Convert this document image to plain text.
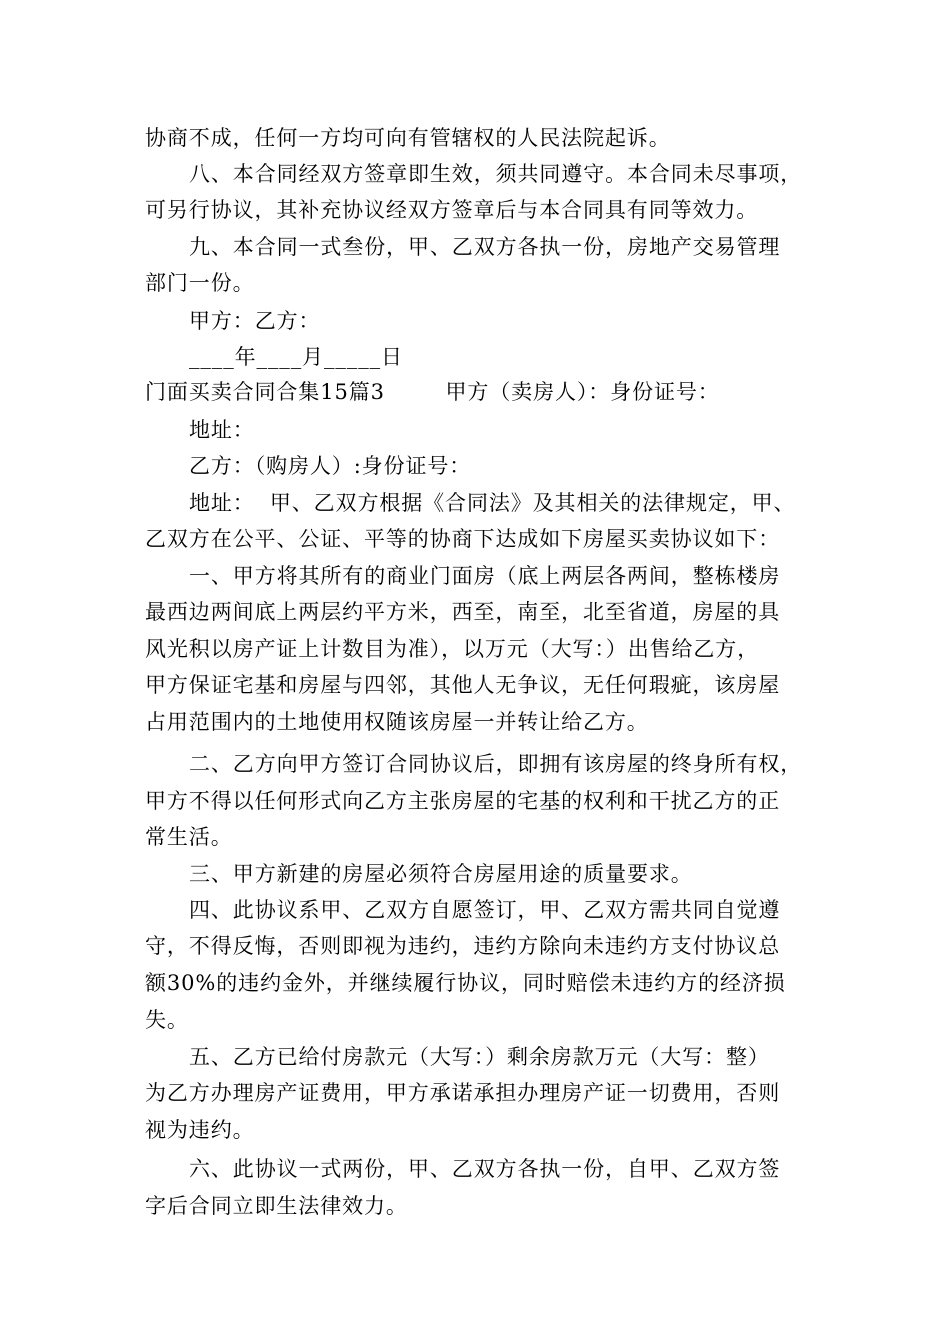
协商不成，任何一方均可向有管辖权的人民法院起诉。
八、本合同经双方签章即生效，须共同遵守。本合同未尽事项，
可另行协议，其补充协议经双方签章后与本合同具有同等效力。
九、本合同一式叁份，甲、乙双方各执一份，房地产交易管理
部门一份。
甲方：乙方：
____年____月_____日
门面买卖合同合集15篇3        甲方（卖房人）：身份证号：
地址：
乙方：（购房人）:身份证号：
地址：  甲、乙双方根据《合同法》及其相关的法律规定，甲、
乙双方在公平、公证、平等的协商下达成如下房屋买卖协议如下：
一、甲方将其所有的商业门面房（底上两层各两间，整栋楼房
最西边两间底上两层约平方米，西至，南至，北至省道，房屋的具
风光积以房产证上计数目为准），以万元（大写：）出售给乙方，
甲方保证宅基和房屋与四邻，其他人无争议，无任何瑕疵，该房屋
占用范围内的土地使用权随该房屋一并转让给乙方。
二、乙方向甲方签订合同协议后，即拥有该房屋的终身所有权，
甲方不得以任何形式向乙方主张房屋的宅基的权利和干扰乙方的正
常生活。
三、甲方新建的房屋必须符合房屋用途的质量要求。
四、此协议系甲、乙双方自愿签订，甲、乙双方需共同自觉遵
守，不得反悔，否则即视为违约，违约方除向未违约方支付协议总
额30%的违约金外，并继续履行协议，同时赔偿未违约方的经济损
失。
五、乙方已给付房款元（大写：）剩余房款万元（大写：整）
为乙方办理房产证费用，甲方承诺承担办理房产证一切费用，否则
视为违约。
六、此协议一式两份，甲、乙双方各执一份，自甲、乙双方签
字后合同立即生法律效力。
